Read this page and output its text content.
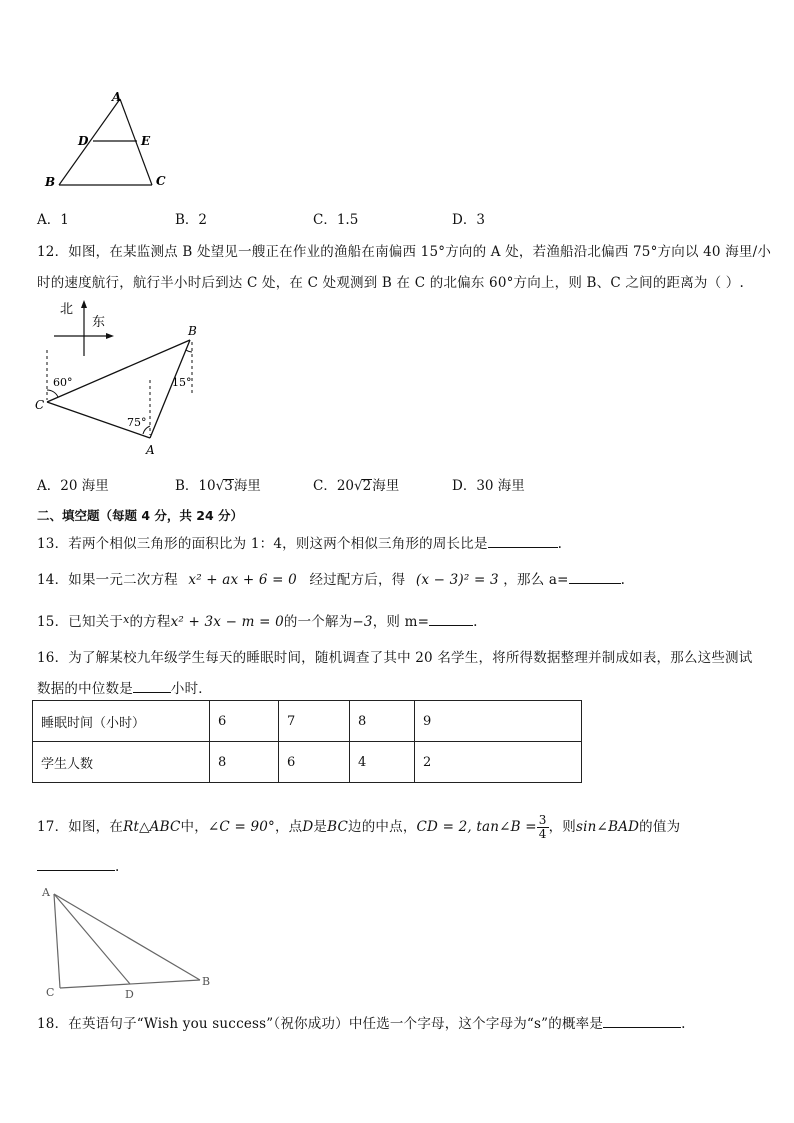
A
D	E
B	C
A．1	B．2	C．1.5	D．3
12．如图，在某监测点 B 处望见一艘正在作业的渔船在南偏西 15°方向的 A 处，若渔船沿北偏西 75°方向以 40 海里/小
时的速度航行，航行半小时后到达 C 处，在 C 处观测到 B 在 C 的北偏东 60°方向上，则 B、C 之间的距离为（ ）.
北
东
60°
75°
15°
C
A
B
A．20 海里	B．10√3海里	C．20√2海里	D．30 海里
二、填空题（每题 4 分，共 24 分）
13．若两个相似三角形的面积比为 1：4，则这两个相似三角形的周长比是	.
14．如果一元二次方程 x² + ax + 6 = 0 经过配方后，得 (x − 3)² = 3 ，那么 a=	.
15．已知关于$^x$的方程x² + 3x − m = 0的一个解为−3，则 m=	.
16．为了解某校九年级学生每天的睡眠时间，随机调查了其中 20 名学生，将所得数据整理并制成如表，那么这些测试
数据的中位数是	小时．
睡眠时间（小时）	6	7	8	9
学生人数	8	6	4	2
17．如图，在Rt△ABC中，∠C = 90°，点D是BC边的中点，CD = 2, tan∠B = $\frac{3}{4}$ ，则sin∠BAD的值为
.
A
C	D
B
18．在英语句子“Wish you success”（祝你成功）中任选一个字母，这个字母为“s”的概率是	.
